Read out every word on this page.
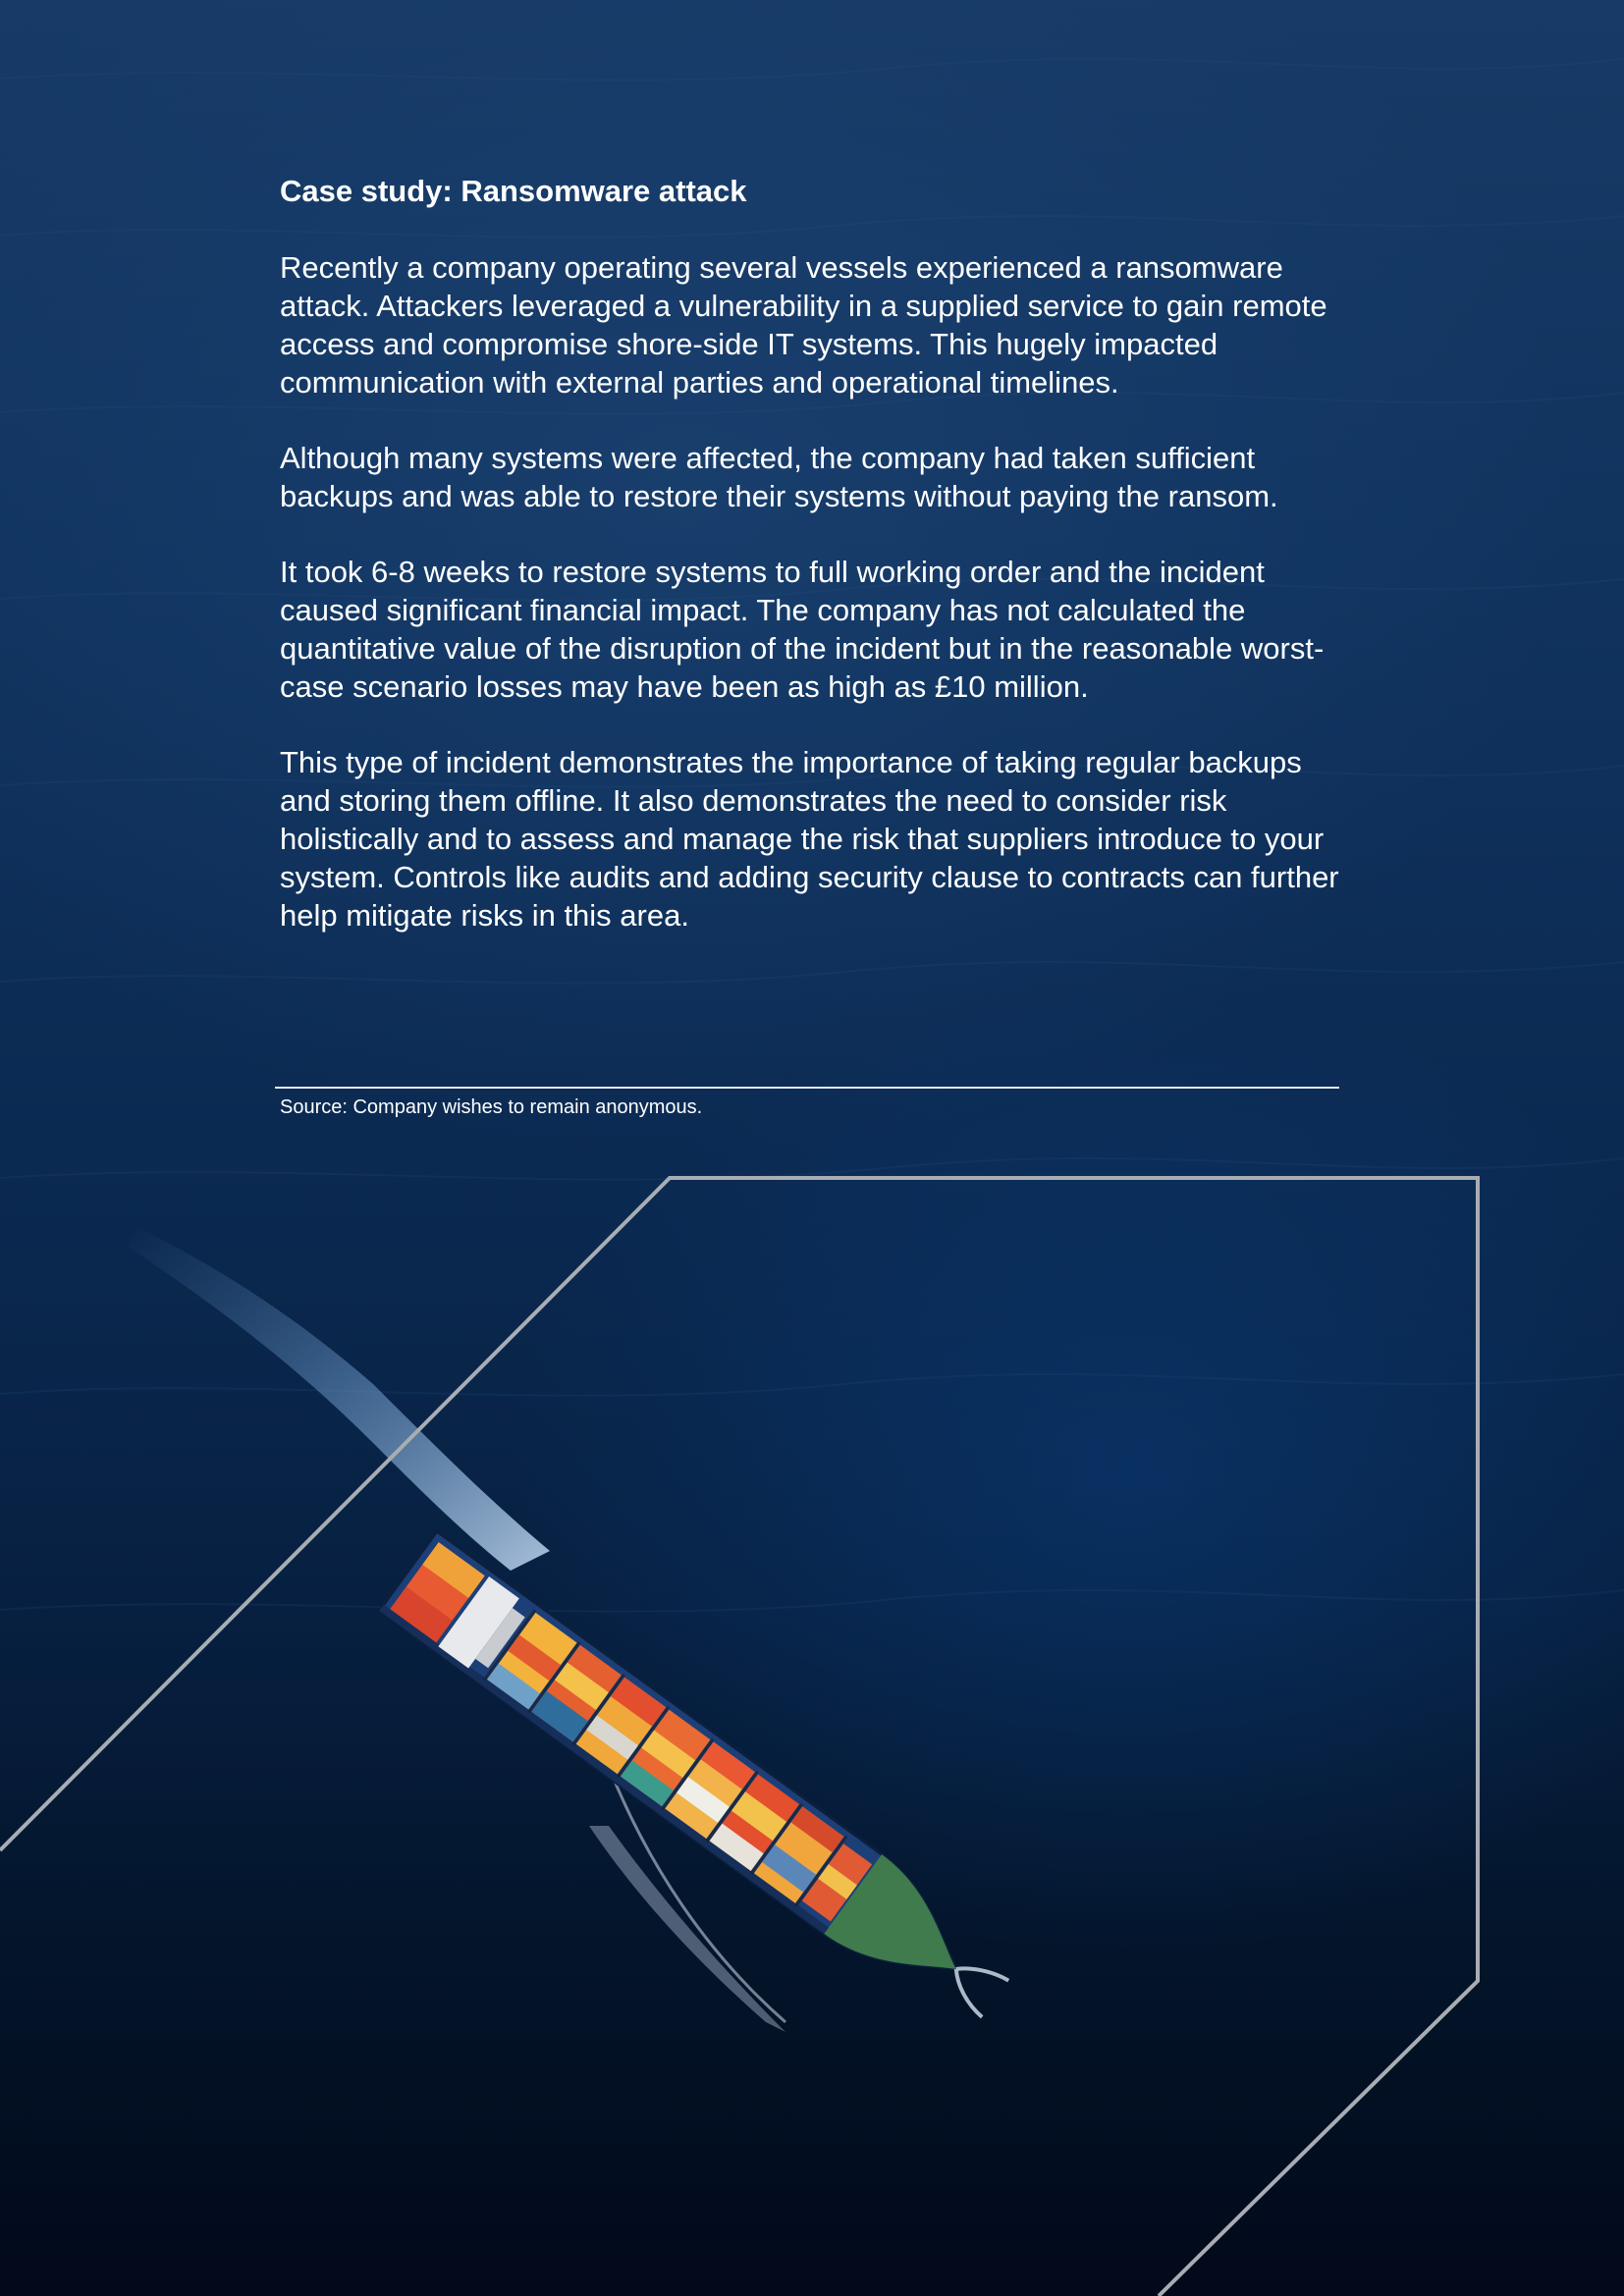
Case study: Ransomware attack

Recently a company operating several vessels experienced a ransomware attack. Attackers leveraged a vulnerability in a supplied service to gain remote access and compromise shore-side IT systems. This hugely impacted communication with external parties and operational timelines.

Although many systems were affected, the company had taken sufficient backups and was able to restore their systems without paying the ransom.

It took 6-8 weeks to restore systems to full working order and the incident caused significant financial impact. The company has not calculated the quantitative value of the disruption of the incident but in the reasonable worst-case scenario losses may have been as high as £10 million.

This type of incident demonstrates the importance of taking regular backups and storing them offline. It also demonstrates the need to consider risk holistically and to assess and manage the risk that suppliers introduce to your system. Controls like audits and adding security clause to contracts can further help mitigate risks in this area.

Source: Company wishes to remain anonymous.
